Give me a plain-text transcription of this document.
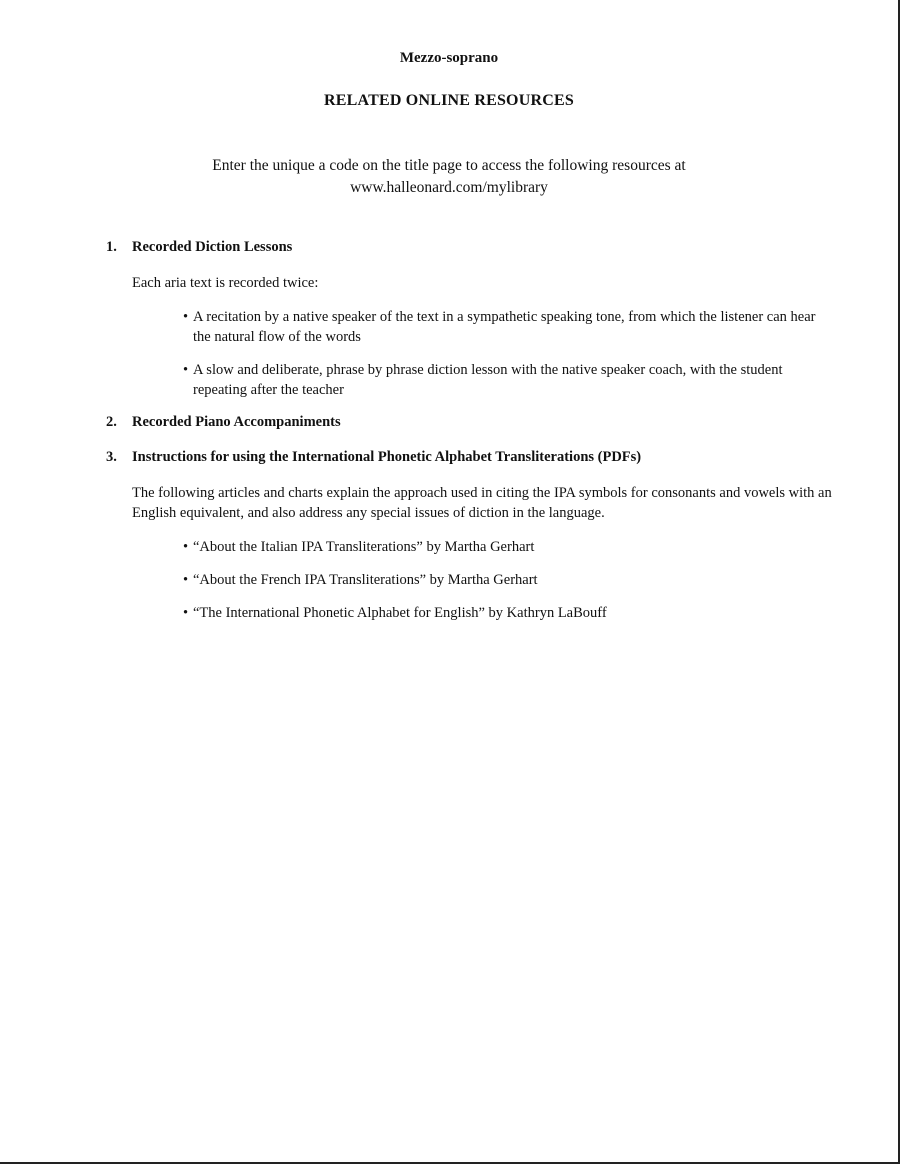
Mezzo-soprano
RELATED ONLINE RESOURCES
Enter the unique a code on the title page to access the following resources at
www.halleonard.com/mylibrary
1. Recorded Diction Lessons
Each aria text is recorded twice:
• A recitation by a native speaker of the text in a sympathetic speaking tone, from which the listener can hear the natural flow of the words
• A slow and deliberate, phrase by phrase diction lesson with the native speaker coach, with the student repeating after the teacher
2. Recorded Piano Accompaniments
3. Instructions for using the International Phonetic Alphabet Transliterations (PDFs)
The following articles and charts explain the approach used in citing the IPA symbols for consonants and vowels with an English equivalent, and also address any special issues of diction in the language.
• “About the Italian IPA Transliterations” by Martha Gerhart
• “About the French IPA Transliterations” by Martha Gerhart
• “The International Phonetic Alphabet for English” by Kathryn LaBouff
